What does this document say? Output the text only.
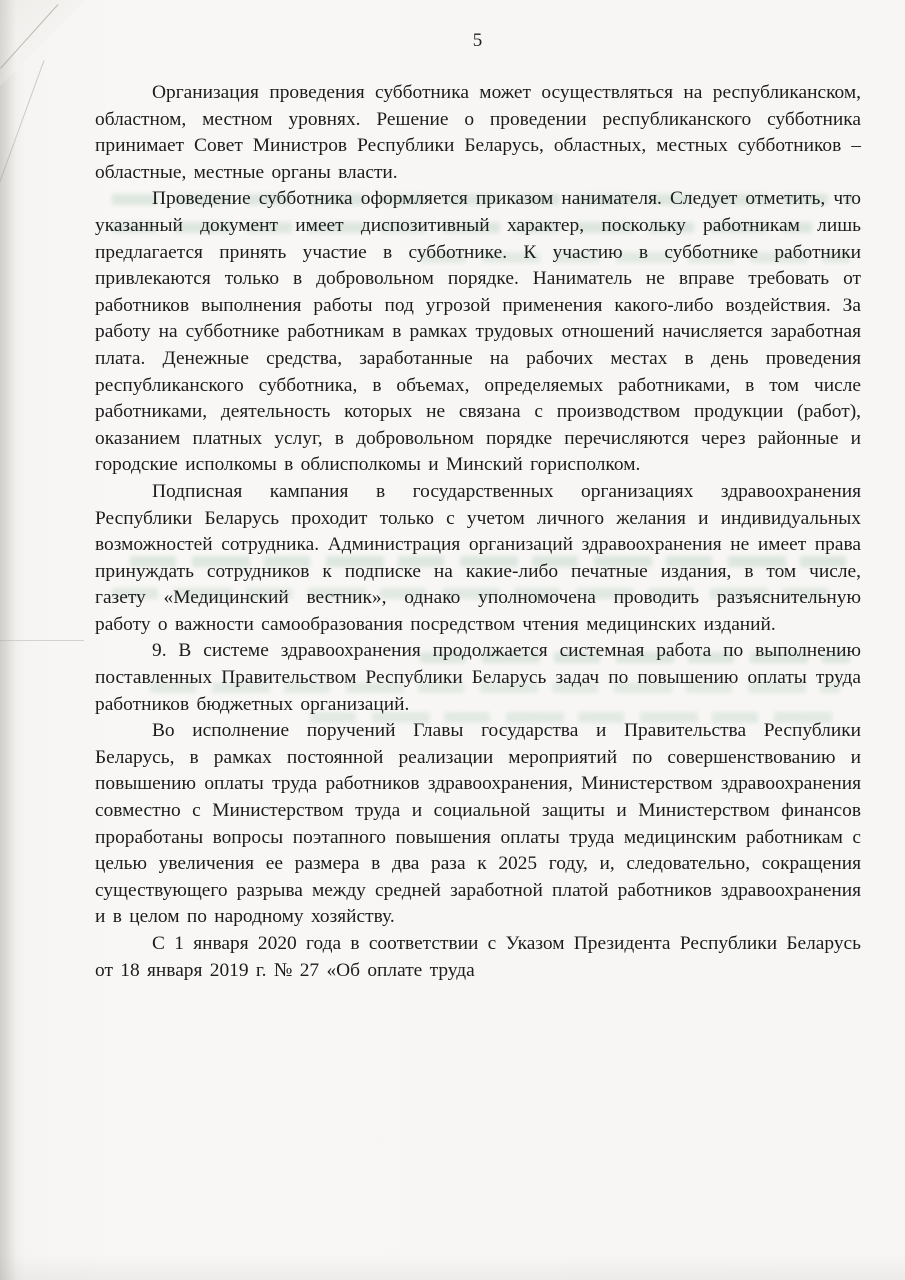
5

Организация проведения субботника может осуществляться на республиканском, областном, местном уровнях. Решение о проведении республиканского субботника принимает Совет Министров Республики Беларусь, областных, местных субботников – областные, местные органы власти.

Проведение субботника оформляется приказом нанимателя. Следует отметить, что указанный документ имеет диспозитивный характер, поскольку работникам лишь предлагается принять участие в субботнике. К участию в субботнике работники привлекаются только в добровольном порядке. Наниматель не вправе требовать от работников выполнения работы под угрозой применения какого-либо воздействия. За работу на субботнике работникам в рамках трудовых отношений начисляется заработная плата. Денежные средства, заработанные на рабочих местах в день проведения республиканского субботника, в объемах, определяемых работниками, в том числе работниками, деятельность которых не связана с производством продукции (работ), оказанием платных услуг, в добровольном порядке перечисляются через районные и городские исполкомы в облисполкомы и Минский горисполком.

Подписная кампания в государственных организациях здравоохранения Республики Беларусь проходит только с учетом личного желания и индивидуальных возможностей сотрудника. Администрация организаций здравоохранения не имеет права принуждать сотрудников к подписке на какие-либо печатные издания, в том числе, газету «Медицинский вестник», однако уполномочена проводить разъяснительную работу о важности самообразования посредством чтения медицинских изданий.

9. В системе здравоохранения продолжается системная работа по выполнению поставленных Правительством Республики Беларусь задач по повышению оплаты труда работников бюджетных организаций.

Во исполнение поручений Главы государства и Правительства Республики Беларусь, в рамках постоянной реализации мероприятий по совершенствованию и повышению оплаты труда работников здравоохранения, Министерством здравоохранения совместно с Министерством труда и социальной защиты и Министерством финансов проработаны вопросы поэтапного повышения оплаты труда медицинским работникам с целью увеличения ее размера в два раза к 2025 году, и, следовательно, сокращения существующего разрыва между средней заработной платой работников здравоохранения и в целом по народному хозяйству.

С 1 января 2020 года в соответствии с Указом Президента Республики Беларусь от 18 января 2019 г. № 27 «Об оплате труда
